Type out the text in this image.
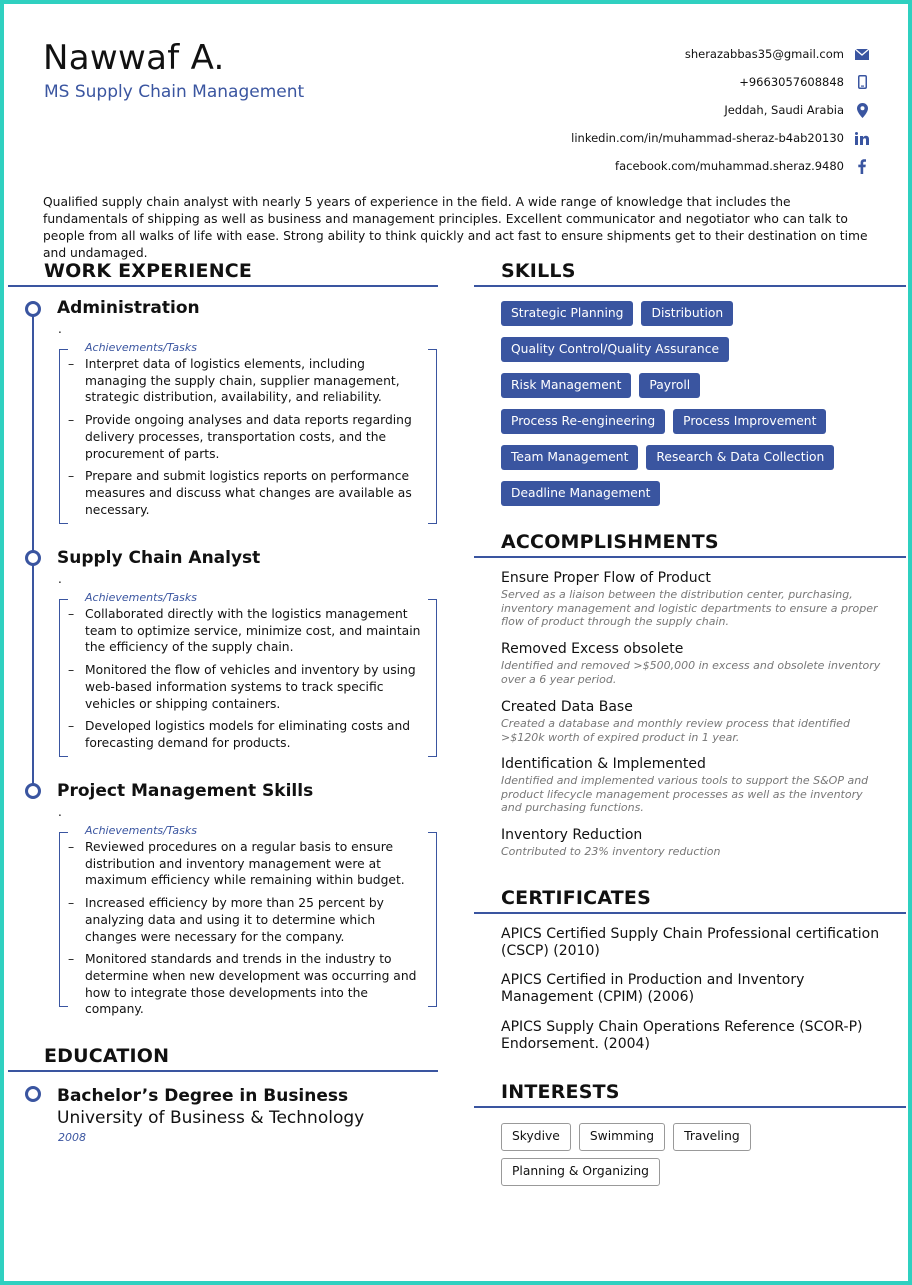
Nawwaf A.
MS Supply Chain Management
sherazabbas35@gmail.com
+9663057608848
Jeddah, Saudi Arabia
linkedin.com/in/muhammad-sheraz-b4ab20130
facebook.com/muhammad.sheraz.9480
Qualified supply chain analyst with nearly 5 years of experience in the field. A wide range of knowledge that includes the fundamentals of shipping as well as business and management principles. Excellent communicator and negotiator who can talk to people from all walks of life with ease. Strong ability to think quickly and act fast to ensure shipments get to their destination on time and undamaged.
WORK EXPERIENCE
Administration
.
Achievements/Tasks
– Interpret data of logistics elements, including managing the supply chain, supplier management, strategic distribution, availability, and reliability.
– Provide ongoing analyses and data reports regarding delivery processes, transportation costs, and the procurement of parts.
– Prepare and submit logistics reports on performance measures and discuss what changes are available as necessary.
Supply Chain Analyst
.
Achievements/Tasks
– Collaborated directly with the logistics management team to optimize service, minimize cost, and maintain the efficiency of the supply chain.
– Monitored the flow of vehicles and inventory by using web-based information systems to track specific vehicles or shipping containers.
– Developed logistics models for eliminating costs and forecasting demand for products.
Project Management Skills
.
Achievements/Tasks
– Reviewed procedures on a regular basis to ensure distribution and inventory management were at maximum efficiency while remaining within budget.
– Increased efficiency by more than 25 percent by analyzing data and using it to determine which changes were necessary for the company.
– Monitored standards and trends in the industry to determine when new development was occurring and how to integrate those developments into the company.
EDUCATION
Bachelor’s Degree in Business
University of Business & Technology
2008
SKILLS
Strategic Planning	Distribution
Quality Control/Quality Assurance
Risk Management	Payroll
Process Re-engineering	Process Improvement
Team Management	Research & Data Collection
Deadline Management
ACCOMPLISHMENTS
Ensure Proper Flow of Product
Served as a liaison between the distribution center, purchasing, inventory management and logistic departments to ensure a proper flow of product through the supply chain.
Removed Excess obsolete
Identified and removed >$500,000 in excess and obsolete inventory over a 6 year period.
Created Data Base
Created a database and monthly review process that identified >$120k worth of expired product in 1 year.
Identification & Implemented
Identified and implemented various tools to support the S&OP and product lifecycle management processes as well as the inventory and purchasing functions.
Inventory Reduction
Contributed to 23% inventory reduction
CERTIFICATES
APICS Certified Supply Chain Professional certification (CSCP) (2010)
APICS Certified in Production and Inventory Management (CPIM) (2006)
APICS Supply Chain Operations Reference (SCOR-P) Endorsement. (2004)
INTERESTS
Skydive	Swimming	Traveling
Planning & Organizing
